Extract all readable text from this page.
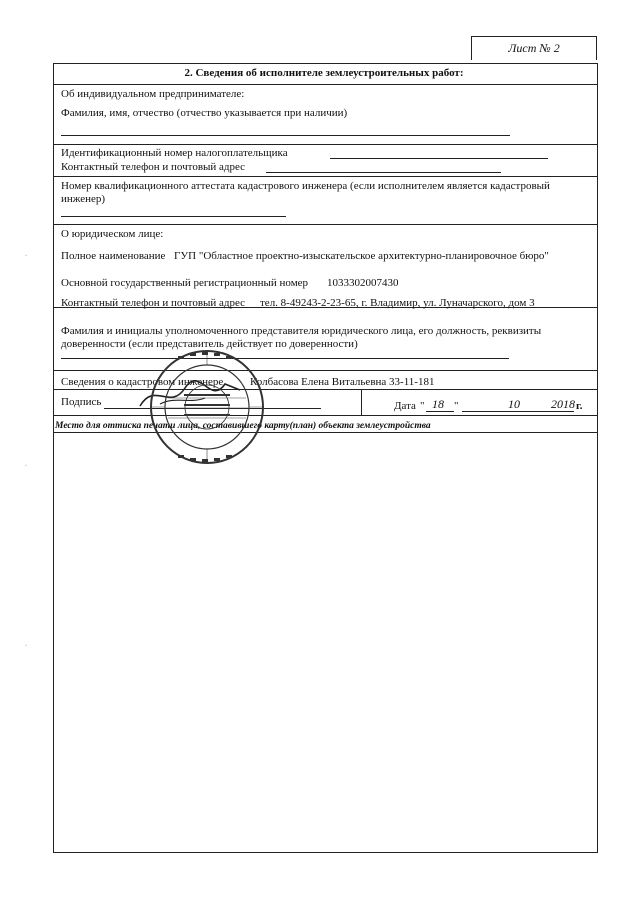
Лист № 2
2. Сведения об исполнителе землеустроительных работ:
Об индивидуальном предпринимателе:
Фамилия, имя, отчество (отчество указывается при наличии)
Идентификационный номер налогоплательщика
Контактный телефон и почтовый адрес
Номер квалификационного аттестата кадастрового инженера (если исполнителем является кадастровый
инженер)
О юридическом лице:
Полное наименование ГУП "Областное проектно-изыскательское архитектурно-планировочное бюро"
Основной государственный регистрационный номер 1033302007430
Контактный телефон и почтовый адрес тел. 8-49243-2-23-65, г. Владимир, ул. Луначарского, дом 3
Фамилия и инициалы уполномоченного представителя юридического лица, его должность, реквизиты
доверенности (если представитель действует по доверенности)
Сведения о кадастровом инженере Колбасова Елена Витальевна 33-11-181
Подпись	Дата " 18 "	10	2018 г.
Место для оттиска печати лица, составившего карту(план) объекта землеустройства
·
·
·
